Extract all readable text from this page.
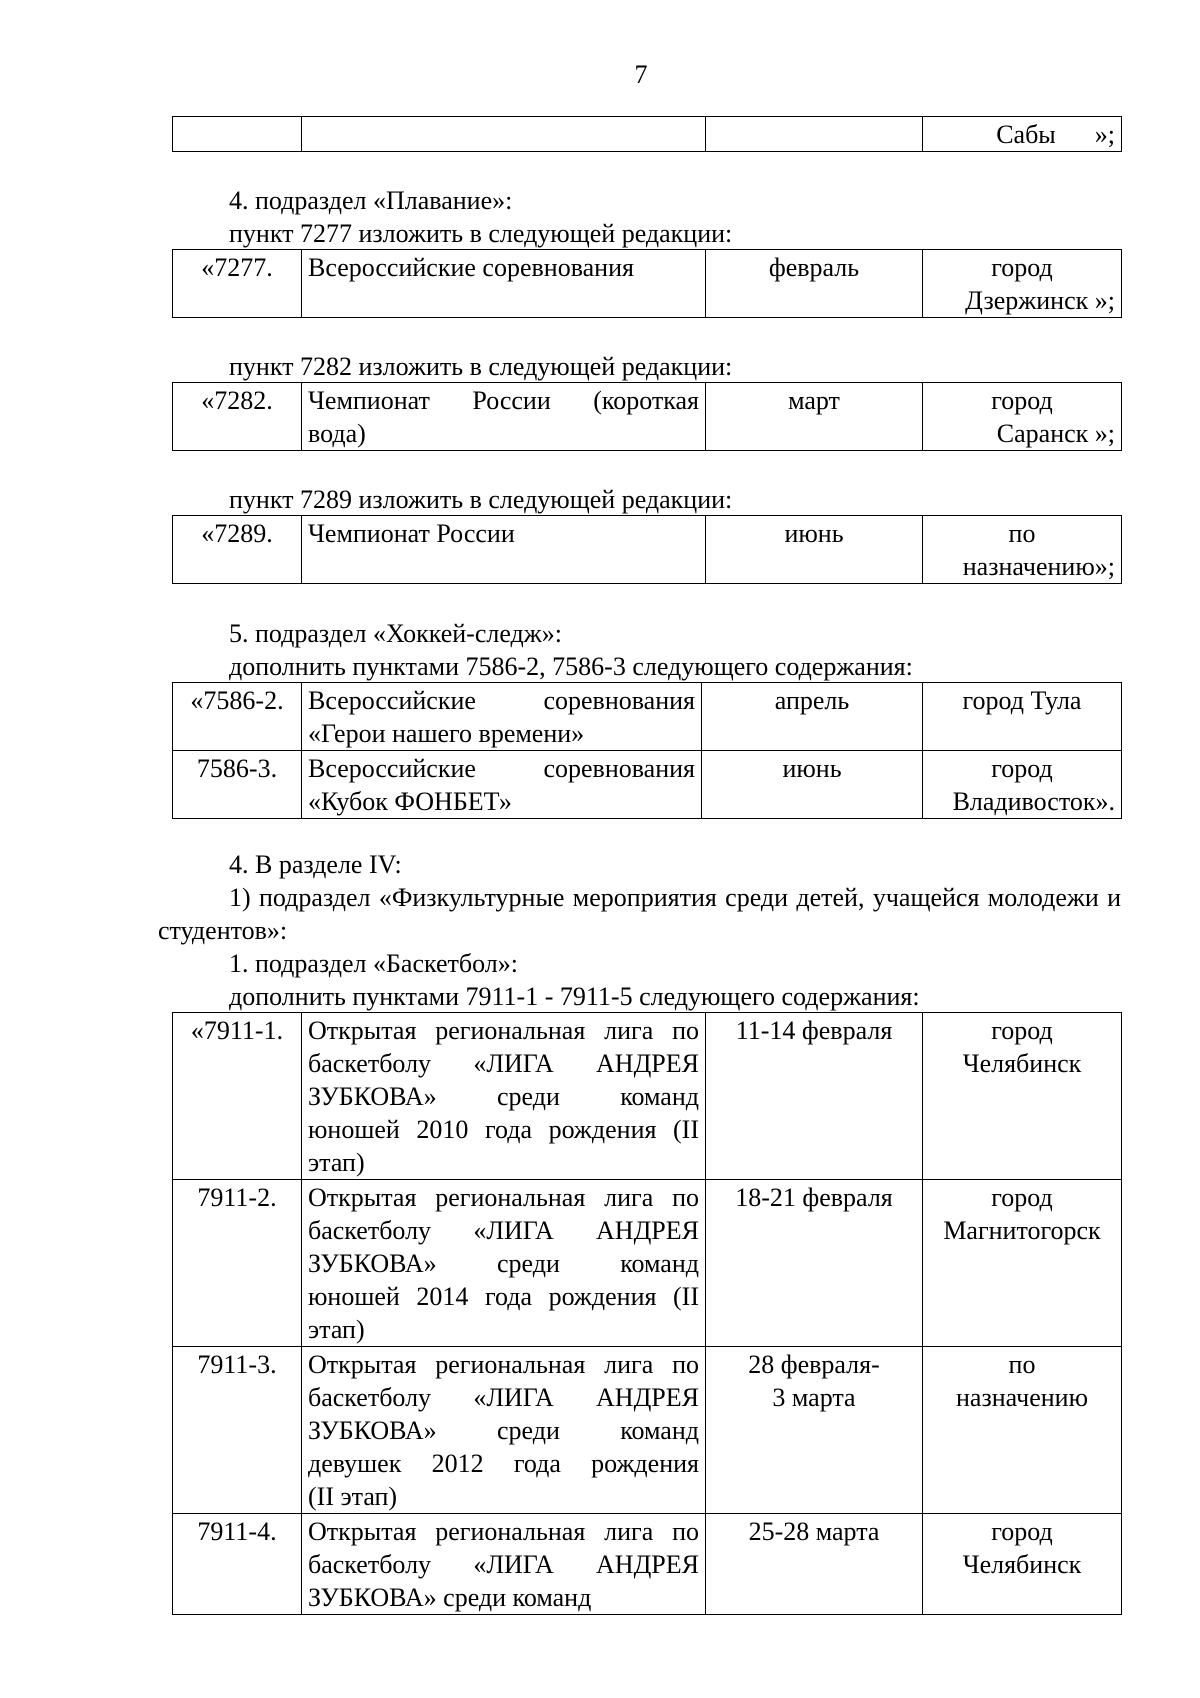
7
			Сабы  »;

4. подраздел «Плавание»:

пункт 7277 изложить в следующей редакции:

«7277.	Всероссийские соревнования	февраль	город
Дзержинск »;

пункт 7282 изложить в следующей редакции:

«7282.	Чемпионат России (короткая
вода)
	март	город
Саранск »;

пункт 7289 изложить в следующей редакции:

«7289.	Чемпионат России	июнь	по
назначению»;

5. подраздел «Хоккей-следж»:

дополнить пунктами 7586-2, 7586-3 следующего содержания:

«7586-2.	Всероссийские соревнования
«Герои нашего времени»	апрель	город Тула

7586-3.	Всероссийские соревнования
«Кубок ФОНБЕТ»	июнь	город
Владивосток».

4. В разделе IV:

1) подраздел «Физкультурные мероприятия среди детей, учащейся молодежи и студентов»:

1. подраздел «Баскетбол»:

дополнить пунктами 7911-1 - 7911-5 следующего содержания:

«7911-1.	Открытая региональная лига по
баскетболу «ЛИГА АНДРЕЯ
ЗУБКОВА» среди команд
юношей 2010 года рождения (II
этап)	11-14 февраля	город
Челябинск

7911-2.	Открытая региональная лига по
баскетболу «ЛИГА АНДРЕЯ
ЗУБКОВА» среди команд
юношей 2014 года рождения (II
этап)	18-21 февраля	город
Магнитогорск

7911-3.	Открытая региональная лига по
баскетболу «ЛИГА АНДРЕЯ
ЗУБКОВА» среди команд
девушек 2012 года рождения
(II этап)	28 февраля-
3 марта	по
назначению

7911-4.	Открытая региональная лига по
баскетболу «ЛИГА АНДРЕЯ
ЗУБКОВА» среди команд	25-28 марта	город
Челябинск
